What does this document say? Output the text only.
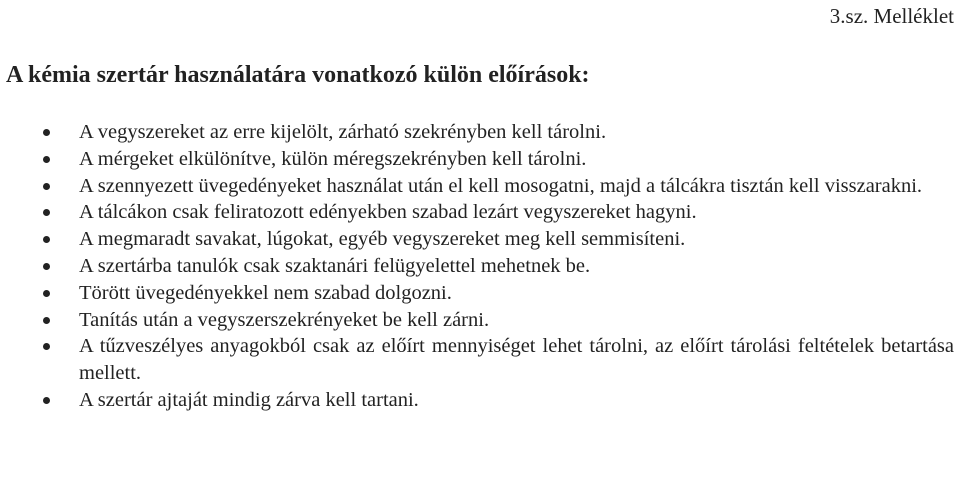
3.sz. Melléklet
A kémia szertár használatára vonatkozó külön előírások:
A vegyszereket az erre kijelölt, zárható szekrényben kell tárolni.
A mérgeket elkülönítve, külön méregszekrényben kell tárolni.
A szennyezett üvegedényeket használat után el kell mosogatni, majd a tálcákra tisztán kell visszarakni.
A tálcákon csak feliratozott edényekben szabad lezárt vegyszereket hagyni.
A megmaradt savakat, lúgokat, egyéb vegyszereket meg kell semmisíteni.
A szertárba tanulók csak szaktanári felügyelettel mehetnek be.
Törött üvegedényekkel nem szabad dolgozni.
Tanítás után a vegyszerszekrényeket be kell zárni.
A tűzveszélyes anyagokból csak az előírt mennyiséget lehet tárolni, az előírt tárolási feltételek betartása mellett.
A szertár ajtaját mindig zárva kell tartani.
